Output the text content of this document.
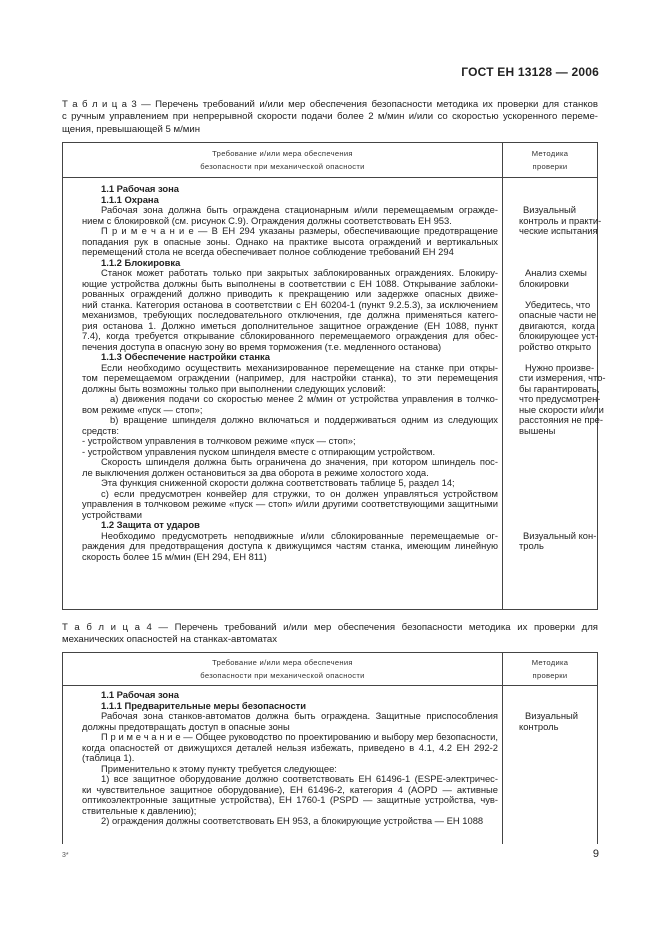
ГОСТ ЕН 13128 — 2006
Т а б л и ц а 3 — Перечень требований и/или мер обеспечения безопасности методика их проверки для станков
с ручным управлением при непрерывной скорости подачи более 2 м/мин и/или со скоростью ускоренного переме-
щения, превышающей 5 м/мин
Требование и/или мера обеспечения
безопасности при механической опасности
Методика
проверки
1.1 Рабочая зона
1.1.1 Охрана
Рабочая зона должна быть ограждена стационарным и/или перемещаемым огражде-
нием с блокировкой (см. рисунок С.9). Ограждения должны соответствовать ЕН 953.
П р и м е ч а н и е — В ЕН 294 указаны размеры, обеспечивающие предотвращение
попадания рук в опасные зоны. Однако на практике высота ограждений и вертикальных
перемещений стола не всегда обеспечивает полное соблюдение требований ЕН 294
1.1.2 Блокировка
Станок может работать только при закрытых заблокированных ограждениях. Блокиру-
ющие устройства должны быть выполнены в соответствии с ЕН 1088. Открывание заблоки-
рованных ограждений должно приводить к прекращению или задержке опасных движе-
ний станка. Категория останова в соответствии с ЕН 60204-1 (пункт 9.2.5.3), за исключением
механизмов, требующих последовательного отключения, где должна применяться катего-
рия останова 1. Должно иметься дополнительное защитное ограждение (ЕН 1088, пункт
7.4), когда требуется открывание сблокированного перемещаемого ограждения для обес-
печения доступа в опасную зону во время торможения (т.е. медленного останова)
1.1.3 Обеспечение настройки станка
Если необходимо осуществить механизированное перемещение на станке при откры-
том перемещаемом ограждении (например, для настройки станка), то эти перемещения
должны быть возможны только при выполнении следующих условий:
а) движения подачи со скоростью менее 2 м/мин от устройства управления в толчко-
вом режиме «пуск — стоп»;
b) вращение шпинделя должно включаться и поддерживаться одним из следующих
средств:
- устройством управления в толчковом режиме «пуск — стоп»;
- устройством управления пуском шпинделя вместе с отпирающим устройством.
Скорость шпинделя должна быть ограничена до значения, при котором шпиндель пос-
ле выключения должен остановиться за два оборота в режиме холостого хода.
Эта функция сниженной скорости должна соответствовать таблице 5, раздел 14;
с) если предусмотрен конвейер для стружки, то он должен управляться устройством
управления в толчковом режиме «пуск — стоп» и/или другими соответствующими защитными
устройствами
1.2 Защита от ударов
Необходимо предусмотреть неподвижные и/или сблокированные перемещаемые ог-
раждения для предотвращения доступа к движущимся частям станка, имеющим линейную
скорость более 15 м/мин (ЕН 294, ЕН 811)
Визуальный
контроль и практи-
ческие испытания
Анализ схемы
блокировки
Убедитесь, что
опасные части не
двигаются, когда
блокирующее уст-
ройство открыто
Нужно произве-
сти измерения, что-
бы гарантировать,
что предусмотрен-
ные скорости и/или
расстояния не пре-
вышены
Визуальный кон-
троль
Т а б л и ц а 4 — Перечень требований и/или мер обеспечения безопасности методика их проверки для
механических опасностей на станках-автоматах
Требование и/или мера обеспечения
безопасности при механической опасности
Методика
проверки
1.1 Рабочая зона
1.1.1 Предварительные меры безопасности
Рабочая зона станков-автоматов должна быть ограждена. Защитные приспособления
должны предотвращать доступ в опасные зоны
П р и м е ч а н и е — Общее руководство по проектированию и выбору мер безопасности,
когда опасностей от движущихся деталей нельзя избежать, приведено в 4.1, 4.2 ЕН 292-2
(таблица 1).
Применительно к этому пункту требуется следующее:
1) все защитное оборудование должно соответствовать ЕН 61496-1 (ESPE-электричес-
ки чувствительное защитное оборудование), ЕН 61496-2, категория 4 (AOPD — активные
оптикоэлектронные защитные устройства), ЕН 1760-1 (PSPD — защитные устройства, чув-
ствительные к давлению);
2) ограждения должны соответствовать ЕН 953, а блокирующие устройства — ЕН 1088
Визуальный
контроль
3*	9
